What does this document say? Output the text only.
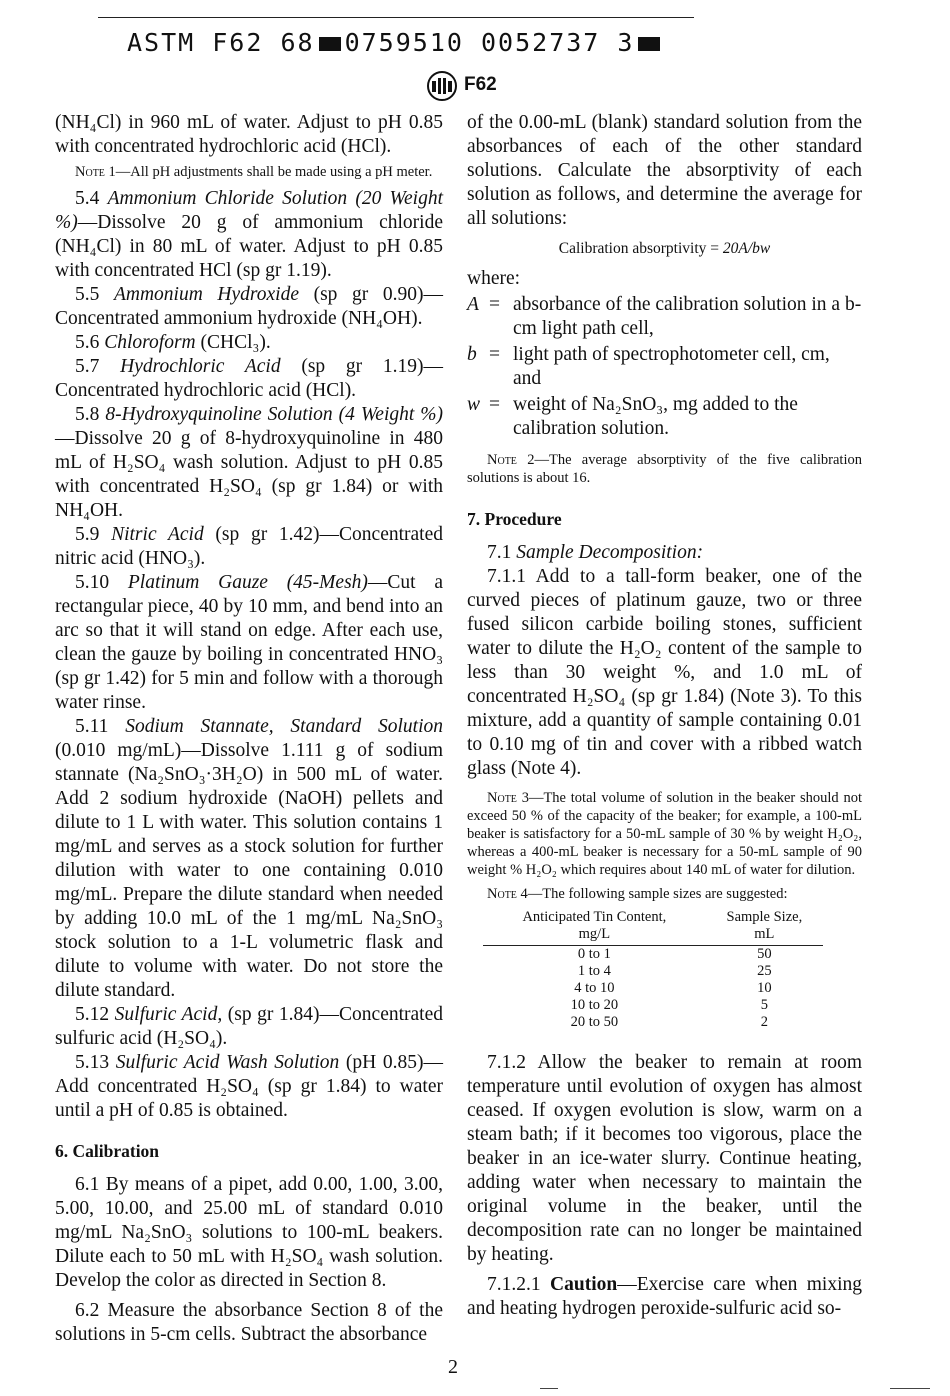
ASTM F62 68 0759510 0052737 3
F62

(NH₄Cl) in 960 mL of water. Adjust to pH 0.85 with concentrated hydrochloric acid (HCl).

Note 1—All pH adjustments shall be made using a pH meter.

5.4 Ammonium Chloride Solution (20 Weight %)—Dissolve 20 g of ammonium chloride (NH₄Cl) in 80 mL of water. Adjust to pH 0.85 with concentrated HCl (sp gr 1.19).

5.5 Ammonium Hydroxide (sp gr 0.90)—Concentrated ammonium hydroxide (NH₄OH).

5.6 Chloroform (CHCl₃).

5.7 Hydrochloric Acid (sp gr 1.19)—Concentrated hydrochloric acid (HCl).

5.8 8-Hydroxyquinoline Solution (4 Weight %)—Dissolve 20 g of 8-hydroxyquinoline in 480 mL of H₂SO₄ wash solution. Adjust to pH 0.85 with concentrated H₂SO₄ (sp gr 1.84) or with NH₄OH.

5.9 Nitric Acid (sp gr 1.42)—Concentrated nitric acid (HNO₃).

5.10 Platinum Gauze (45-Mesh)—Cut a rectangular piece, 40 by 10 mm, and bend into an arc so that it will stand on edge. After each use, clean the gauze by boiling in concentrated HNO₃ (sp gr 1.42) for 5 min and follow with a thorough water rinse.

5.11 Sodium Stannate, Standard Solution (0.010 mg/mL)—Dissolve 1.111 g of sodium stannate (Na₂SnO₃·3H₂O) in 500 mL of water. Add 2 sodium hydroxide (NaOH) pellets and dilute to 1 L with water. This solution contains 1 mg/mL and serves as a stock solution for further dilution with water to one containing 0.010 mg/mL. Prepare the dilute standard when needed by adding 10.0 mL of the 1 mg/mL Na₂SnO₃ stock solution to a 1-L volumetric flask and dilute to volume with water. Do not store the dilute standard.

5.12 Sulfuric Acid, (sp gr 1.84)—Concentrated sulfuric acid (H₂SO₄).

5.13 Sulfuric Acid Wash Solution (pH 0.85)—Add concentrated H₂SO₄ (sp gr 1.84) to water until a pH of 0.85 is obtained.

6. Calibration

6.1 By means of a pipet, add 0.00, 1.00, 3.00, 5.00, 10.00, and 25.00 mL of standard 0.010 mg/mL Na₂SnO₃ solutions to 100-mL beakers. Dilute each to 50 mL with H₂SO₄ wash solution. Develop the color as directed in Section 8.

6.2 Measure the absorbance Section 8 of the solutions in 5-cm cells. Subtract the absorbance

of the 0.00-mL (blank) standard solution from the absorbances of each of the other standard solutions. Calculate the absorptivity of each solution as follows, and determine the average for all solutions:

Calibration absorptivity = 20A/bw
where:
A = absorbance of the calibration solution in a b-cm light path cell,
b = light path of spectrophotometer cell, cm, and
w = weight of Na₂SnO₃, mg added to the calibration solution.
Note 2—The average absorptivity of the five calibration solutions is about 16.
7. Procedure

7.1 Sample Decomposition:

7.1.1 Add to a tall-form beaker, one of the curved pieces of platinum gauze, two or three fused silicon carbide boiling stones, sufficient water to dilute the H₂O₂ content of the sample to less than 30 weight %, and 1.0 mL of concentrated H₂SO₄ (sp gr 1.84) (Note 3). To this mixture, add a quantity of sample containing 0.01 to 0.10 mg of tin and cover with a ribbed watch glass (Note 4).

Note 3—The total volume of solution in the beaker should not exceed 50 % of the capacity of the beaker; for example, a 100-mL beaker is satisfactory for a 50-mL sample of 30 % by weight H₂O₂, whereas a 400-mL beaker is necessary for a 50-mL sample of 90 weight % H₂O₂ which requires about 140 mL of water for dilution.
Note 4—The following sample sizes are suggested:
Anticipated Tin Content,
mg/L	Sample Size,
mL

0 to 1	50
1 to 4	25
4 to 10	10
10 to 20	5
20 to 50	2

7.1.2 Allow the beaker to remain at room temperature until evolution of oxygen has almost ceased. If oxygen evolution is slow, warm on a steam bath; if it becomes too vigorous, place the beaker in an ice-water slurry. Continue heating, adding water when necessary to maintain the original volume in the beaker, until the decomposition rate can no longer be maintained by heating.

7.1.2.1 Caution—Exercise care when mixing and heating hydrogen peroxide-sulfuric acid so-

2
